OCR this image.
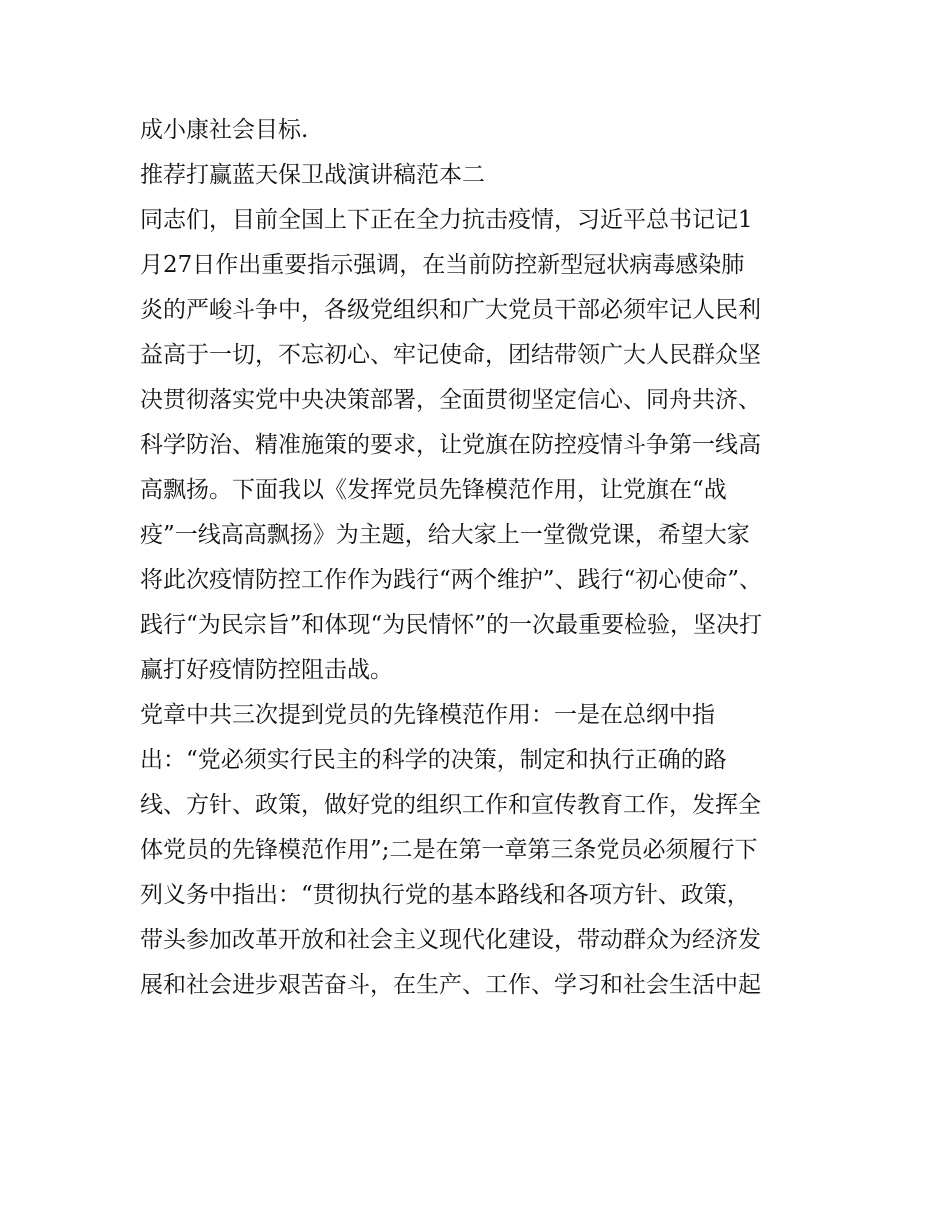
成小康社会目标.
推荐打赢蓝天保卫战演讲稿范本二
同志们，目前全国上下正在全力抗击疫情，习近平总书记记1
月27日作出重要指示强调，在当前防控新型冠状病毒感染肺
炎的严峻斗争中，各级党组织和广大党员干部必须牢记人民利
益高于一切，不忘初心、牢记使命，团结带领广大人民群众坚
决贯彻落实党中央决策部署，全面贯彻坚定信心、同舟共济、
科学防治、精准施策的要求，让党旗在防控疫情斗争第一线高
高飘扬。下面我以《发挥党员先锋模范作用，让党旗在“战
疫”一线高高飘扬》为主题，给大家上一堂微党课，希望大家
将此次疫情防控工作作为践行“两个维护”、践行“初心使命”、
践行“为民宗旨”和体现“为民情怀”的一次最重要检验，坚决打
赢打好疫情防控阻击战。
党章中共三次提到党员的先锋模范作用：一是在总纲中指
出：“党必须实行民主的科学的决策，制定和执行正确的路
线、方针、政策，做好党的组织工作和宣传教育工作，发挥全
体党员的先锋模范作用”;二是在第一章第三条党员必须履行下
列义务中指出：“贯彻执行党的基本路线和各项方针、政策，
带头参加改革开放和社会主义现代化建设，带动群众为经济发
展和社会进步艰苦奋斗，在生产、工作、学习和社会生活中起
